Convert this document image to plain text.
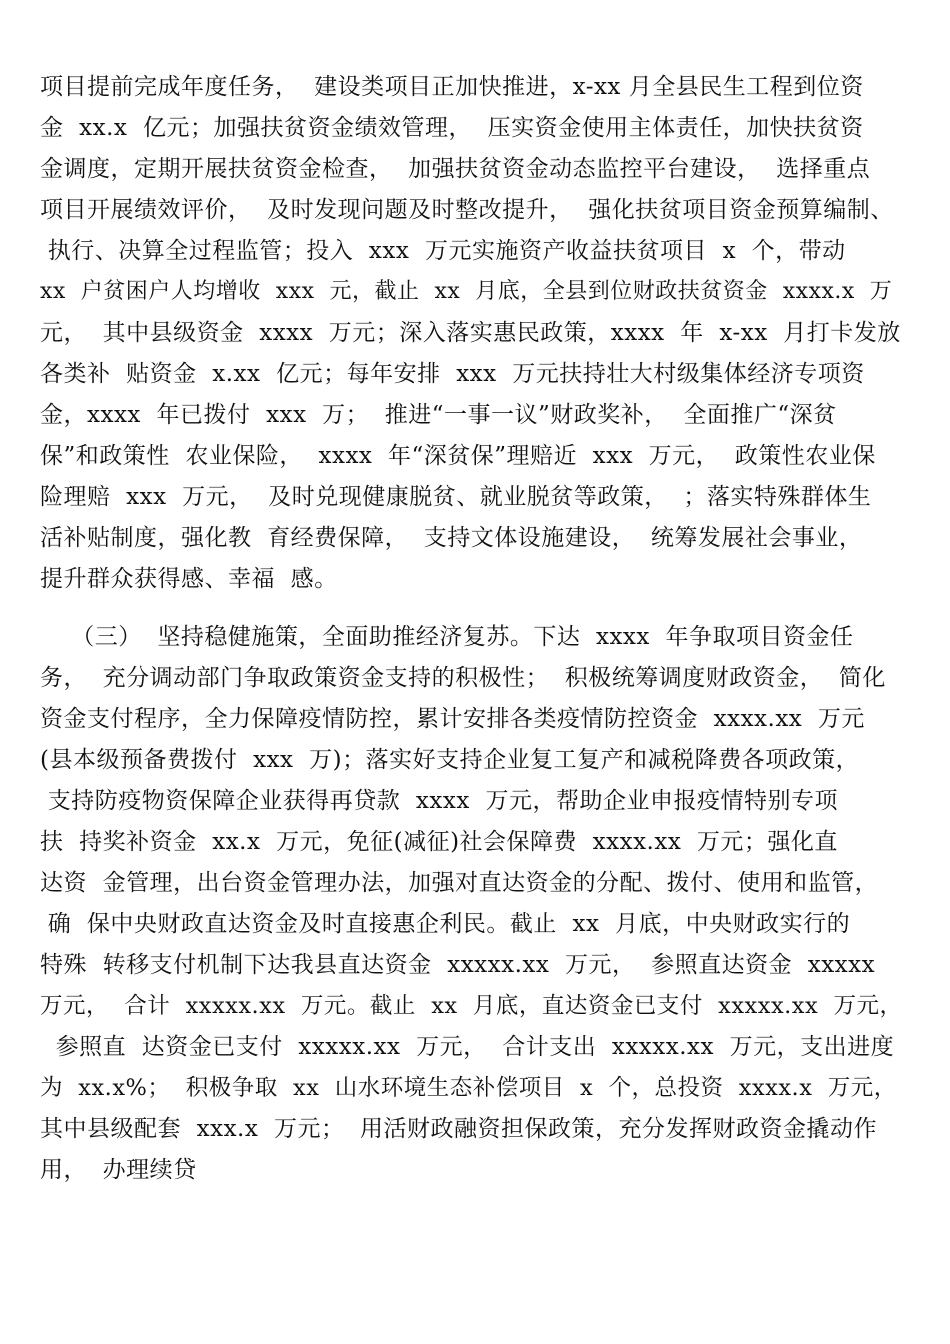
项目提前完成年度任务，  建设类项目正加快推进，x-xx 月全县民生工程到位资
金  xx.x  亿元；加强扶贫资金绩效管理，  压实资金使用主体责任，加快扶贫资
金调度，定期开展扶贫资金检查，  加强扶贫资金动态监控平台建设，  选择重点
项目开展绩效评价，  及时发现问题及时整改提升，  强化扶贫项目资金预算编制、
执行、决算全过程监管；投入  xxx  万元实施资产收益扶贫项目  x  个，带动
xx  户贫困户人均增收  xxx  元，截止  xx  月底，全县到位财政扶贫资金  xxxx.x  万
元，  其中县级资金  xxxx  万元；深入落实惠民政策，xxxx  年  x-xx  月打卡发放
各类补  贴资金  x.xx  亿元；每年安排  xxx  万元扶持壮大村级集体经济专项资
金，xxxx  年已拨付  xxx  万；  推进“一事一议”财政奖补，  全面推广“深贫
保”和政策性  农业保险，  xxxx  年“深贫保”理赔近  xxx  万元，  政策性农业保
险理赔  xxx  万元，  及时兑现健康脱贫、就业脱贫等政策，  ；落实特殊群体生
活补贴制度，强化教  育经费保障，  支持文体设施建设，  统筹发展社会事业，
提升群众获得感、幸福  感。
（三）  坚持稳健施策，全面助推经济复苏。下达  xxxx  年争取项目资金任
务，  充分调动部门争取政策资金支持的积极性；  积极统筹调度财政资金，  简化
资金支付程序，全力保障疫情防控，累计安排各类疫情防控资金  xxxx.xx  万元
(县本级预备费拨付  xxx  万)；落实好支持企业复工复产和减税降费各项政策，
支持防疫物资保障企业获得再贷款  xxxx  万元，帮助企业申报疫情特别专项
扶  持奖补资金  xx.x  万元，免征(减征)社会保障费  xxxx.xx  万元；强化直
达资  金管理，出台资金管理办法，加强对直达资金的分配、拨付、使用和监管，
确  保中央财政直达资金及时直接惠企利民。截止  xx  月底，中央财政实行的
特殊  转移支付机制下达我县直达资金  xxxxx.xx  万元，  参照直达资金  xxxxx
万元，  合计  xxxxx.xx  万元。截止  xx  月底，直达资金已支付  xxxxx.xx  万元，
参照直  达资金已支付  xxxxx.xx  万元，  合计支出  xxxxx.xx  万元，支出进度
为  xx.x%；  积极争取  xx  山水环境生态补偿项目  x  个，总投资  xxxx.x  万元，
其中县级配套  xxx.x  万元；  用活财政融资担保政策，充分发挥财政资金撬动作
用，  办理续贷
